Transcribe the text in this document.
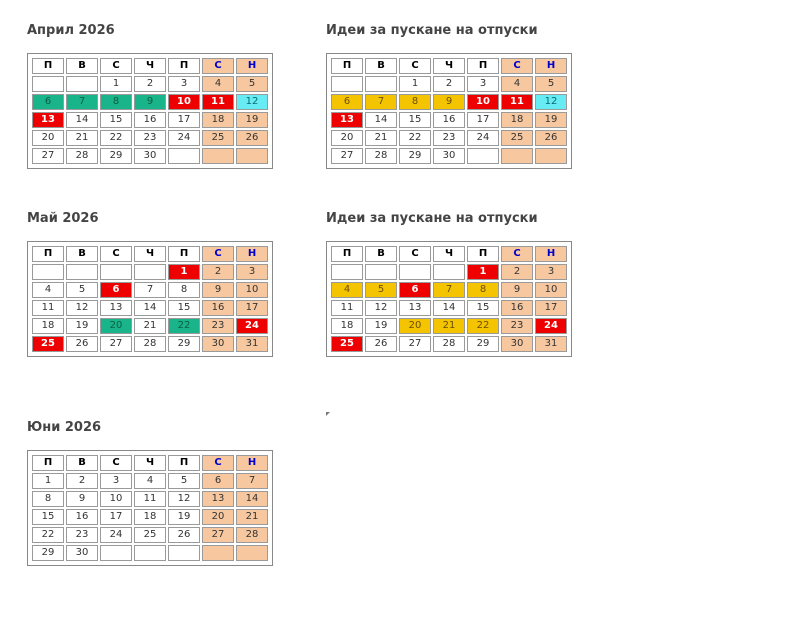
Април 2026
П	В	С	Ч	П	С	Н
		1	2	3	4	5
6	7	8	9	10	11	12
13	14	15	16	17	18	19
20	21	22	23	24	25	26
27	28	29	30			
Идеи за пускане на отпуски
П	В	С	Ч	П	С	Н
		1	2	3	4	5
6	7	8	9	10	11	12
13	14	15	16	17	18	19
20	21	22	23	24	25	26
27	28	29	30			
Май 2026
П	В	С	Ч	П	С	Н
				1	2	3
4	5	6	7	8	9	10
11	12	13	14	15	16	17
18	19	20	21	22	23	24
25	26	27	28	29	30	31
Идеи за пускане на отпуски
П	В	С	Ч	П	С	Н
				1	2	3
4	5	6	7	8	9	10
11	12	13	14	15	16	17
18	19	20	21	22	23	24
25	26	27	28	29	30	31
Юни 2026
П	В	С	Ч	П	С	Н
1	2	3	4	5	6	7
8	9	10	11	12	13	14
15	16	17	18	19	20	21
22	23	24	25	26	27	28
29	30					
